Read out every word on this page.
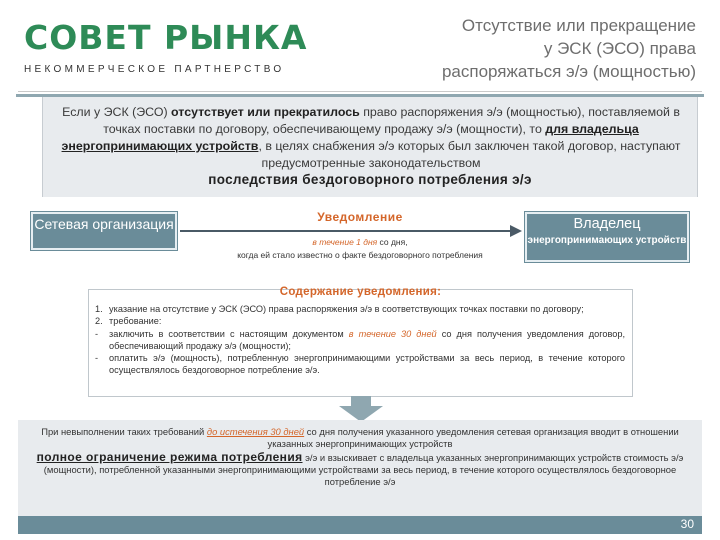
СОВЕТ РЫНКА
НЕКОММЕРЧЕСКОЕ ПАРТНЕРСТВО
Отсутствие или прекращение
у ЭСК (ЭСО) права
распоряжаться э/э (мощностью)
Если у ЭСК (ЭСО) отсутствует или прекратилось право распоряжения э/э (мощностью), поставляемой в точках поставки по договору, обеспечивающему продажу э/э (мощности), то для владельца энергопринимающих устройств, в целях снабжения э/э которых был заключен такой договор, наступают предусмотренные законодательством
последствия бездоговорного потребления э/э
Сетевая организация	Уведомление
в течение 1 дня со дня,
когда ей стало известно о факте бездоговорного потребления
Владелец
энергопринимающих устройств
Содержание уведомления:
1. указание на отсутствие у ЭСК (ЭСО) права распоряжения э/э в соответствующих точках поставки по договору;
2. требование:
-	заключить в соответствии с настоящим документом в течение 30 дней со дня получения уведомления договор, обеспечивающий продажу э/э (мощности);
-	оплатить э/э (мощность), потребленную энергопринимающими устройствами за весь период, в течение которого осуществлялось бездоговорное потребление э/э.
При невыполнении таких требований до истечения 30 дней со дня получения указанного уведомления сетевая организация вводит в отношении указанных энергопринимающих устройств
полное ограничение режима потребления э/э и взыскивает с владельца указанных энергопринимающих устройств стоимость э/э (мощности), потребленной указанными энергопринимающими устройствами за весь период, в течение которого осуществлялось бездоговорное потребление э/э
30
